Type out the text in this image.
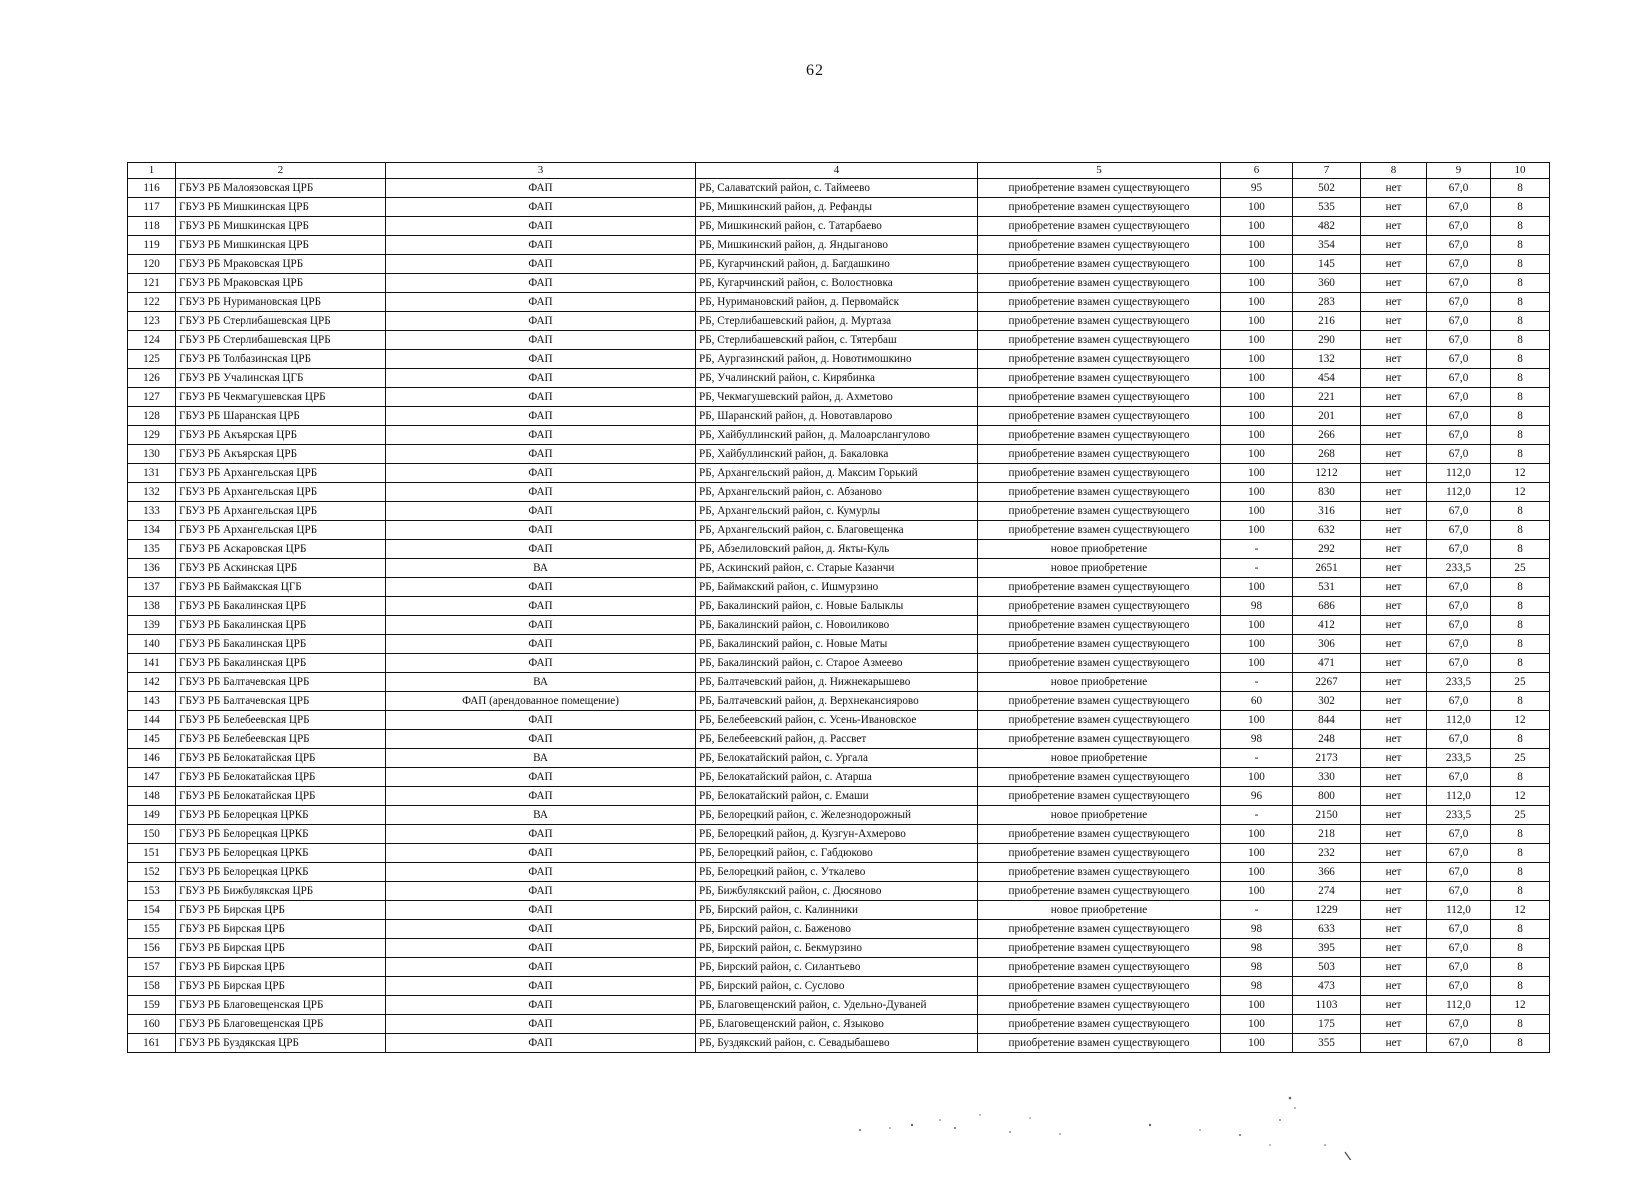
62
1	2	3	4	5	6	7	8	9	10
116	ГБУЗ РБ Малоязовская ЦРБ	ФАП	РБ, Салаватский район, с. Таймеево	приобретение взамен существующего	95	502	нет	67,0	8
117	ГБУЗ РБ Мишкинская ЦРБ	ФАП	РБ, Мишкинский район, д. Рефанды	приобретение взамен существующего	100	535	нет	67,0	8
118	ГБУЗ РБ Мишкинская ЦРБ	ФАП	РБ, Мишкинский район, с. Татарбаево	приобретение взамен существующего	100	482	нет	67,0	8
119	ГБУЗ РБ Мишкинская ЦРБ	ФАП	РБ, Мишкинский район, д. Яндыганово	приобретение взамен существующего	100	354	нет	67,0	8
120	ГБУЗ РБ Мраковская ЦРБ	ФАП	РБ, Кугарчинский район, д. Багдашкино	приобретение взамен существующего	100	145	нет	67,0	8
121	ГБУЗ РБ Мраковская ЦРБ	ФАП	РБ, Кугарчинский район, с. Волостновка	приобретение взамен существующего	100	360	нет	67,0	8
122	ГБУЗ РБ Нуримановская ЦРБ	ФАП	РБ, Нуримановский район, д. Первомайск	приобретение взамен существующего	100	283	нет	67,0	8
123	ГБУЗ РБ Стерлибашевская ЦРБ	ФАП	РБ, Стерлибашевский район, д. Муртаза	приобретение взамен существующего	100	216	нет	67,0	8
124	ГБУЗ РБ Стерлибашевская ЦРБ	ФАП	РБ, Стерлибашевский район, с. Тятербаш	приобретение взамен существующего	100	290	нет	67,0	8
125	ГБУЗ РБ Толбазинская ЦРБ	ФАП	РБ, Аургазинский район, д. Новотимошкино	приобретение взамен существующего	100	132	нет	67,0	8
126	ГБУЗ РБ Учалинская ЦГБ	ФАП	РБ, Учалинский район, с. Кирябинка	приобретение взамен существующего	100	454	нет	67,0	8
127	ГБУЗ РБ Чекмагушевская ЦРБ	ФАП	РБ, Чекмагушевский район, д. Ахметово	приобретение взамен существующего	100	221	нет	67,0	8
128	ГБУЗ РБ Шаранская ЦРБ	ФАП	РБ, Шаранский район, д. Новотавларово	приобретение взамен существующего	100	201	нет	67,0	8
129	ГБУЗ РБ Акъярская ЦРБ	ФАП	РБ, Хайбуллинский район, д. Малоарслангулово	приобретение взамен существующего	100	266	нет	67,0	8
130	ГБУЗ РБ Акъярская ЦРБ	ФАП	РБ, Хайбуллинский район, д. Бакаловка	приобретение взамен существующего	100	268	нет	67,0	8
131	ГБУЗ РБ Архангельская ЦРБ	ФАП	РБ, Архангельский район, д. Максим Горький	приобретение взамен существующего	100	1212	нет	112,0	12
132	ГБУЗ РБ Архангельская ЦРБ	ФАП	РБ, Архангельский район, с. Абзаново	приобретение взамен существующего	100	830	нет	112,0	12
133	ГБУЗ РБ Архангельская ЦРБ	ФАП	РБ, Архангельский район, с. Кумурлы	приобретение взамен существующего	100	316	нет	67,0	8
134	ГБУЗ РБ Архангельская ЦРБ	ФАП	РБ, Архангельский район, с. Благовещенка	приобретение взамен существующего	100	632	нет	67,0	8
135	ГБУЗ РБ Аскаровская ЦРБ	ФАП	РБ, Абзелиловский район, д. Якты-Куль	новое приобретение	-	292	нет	67,0	8
136	ГБУЗ РБ Аскинская ЦРБ	ВА	РБ, Аскинский район, с. Старые Казанчи	новое приобретение	-	2651	нет	233,5	25
137	ГБУЗ РБ Баймакская ЦГБ	ФАП	РБ, Баймакский район, с. Ишмурзино	приобретение взамен существующего	100	531	нет	67,0	8
138	ГБУЗ РБ Бакалинская ЦРБ	ФАП	РБ, Бакалинский район, с. Новые Балыклы	приобретение взамен существующего	98	686	нет	67,0	8
139	ГБУЗ РБ Бакалинская ЦРБ	ФАП	РБ, Бакалинский район, с. Новоиликово	приобретение взамен существующего	100	412	нет	67,0	8
140	ГБУЗ РБ Бакалинская ЦРБ	ФАП	РБ, Бакалинский район, с. Новые Маты	приобретение взамен существующего	100	306	нет	67,0	8
141	ГБУЗ РБ Бакалинская ЦРБ	ФАП	РБ, Бакалинский район, с. Старое Азмеево	приобретение взамен существующего	100	471	нет	67,0	8
142	ГБУЗ РБ Балтачевская ЦРБ	ВА	РБ, Балтачевский район, д. Нижнекарышево	новое приобретение	-	2267	нет	233,5	25
143	ГБУЗ РБ Балтачевская ЦРБ	ФАП (арендованное помещение)	РБ, Балтачевский район, д. Верхнекансиярово	приобретение взамен существующего	60	302	нет	67,0	8
144	ГБУЗ РБ Белебеевская ЦРБ	ФАП	РБ, Белебеевский район, с. Усень-Ивановское	приобретение взамен существующего	100	844	нет	112,0	12
145	ГБУЗ РБ Белебеевская ЦРБ	ФАП	РБ, Белебеевский район, д. Рассвет	приобретение взамен существующего	98	248	нет	67,0	8
146	ГБУЗ РБ Белокатайская ЦРБ	ВА	РБ, Белокатайский район, с. Ургала	новое приобретение	-	2173	нет	233,5	25
147	ГБУЗ РБ Белокатайская ЦРБ	ФАП	РБ, Белокатайский район, с. Атарша	приобретение взамен существующего	100	330	нет	67,0	8
148	ГБУЗ РБ Белокатайская ЦРБ	ФАП	РБ, Белокатайский район, с. Емаши	приобретение взамен существующего	96	800	нет	112,0	12
149	ГБУЗ РБ Белорецкая ЦРКБ	ВА	РБ, Белорецкий район, с. Железнодорожный	новое приобретение	-	2150	нет	233,5	25
150	ГБУЗ РБ Белорецкая ЦРКБ	ФАП	РБ, Белорецкий район, д. Кузгун-Ахмерово	приобретение взамен существующего	100	218	нет	67,0	8
151	ГБУЗ РБ Белорецкая ЦРКБ	ФАП	РБ, Белорецкий район, с. Габдюково	приобретение взамен существующего	100	232	нет	67,0	8
152	ГБУЗ РБ Белорецкая ЦРКБ	ФАП	РБ, Белорецкий район, с. Уткалево	приобретение взамен существующего	100	366	нет	67,0	8
153	ГБУЗ РБ Бижбулякская ЦРБ	ФАП	РБ, Бижбулякский район, с. Дюсяново	приобретение взамен существующего	100	274	нет	67,0	8
154	ГБУЗ РБ Бирская ЦРБ	ФАП	РБ, Бирский район, с. Калинники	новое приобретение	-	1229	нет	112,0	12
155	ГБУЗ РБ Бирская ЦРБ	ФАП	РБ, Бирский район, с. Баженово	приобретение взамен существующего	98	633	нет	67,0	8
156	ГБУЗ РБ Бирская ЦРБ	ФАП	РБ, Бирский район, с. Бекмурзино	приобретение взамен существующего	98	395	нет	67,0	8
157	ГБУЗ РБ Бирская ЦРБ	ФАП	РБ, Бирский район, с. Силантьево	приобретение взамен существующего	98	503	нет	67,0	8
158	ГБУЗ РБ Бирская ЦРБ	ФАП	РБ, Бирский район, с. Суслово	приобретение взамен существующего	98	473	нет	67,0	8
159	ГБУЗ РБ Благовещенская ЦРБ	ФАП	РБ, Благовещенский район, с. Удельно-Дуваней	приобретение взамен существующего	100	1103	нет	112,0	12
160	ГБУЗ РБ Благовещенская ЦРБ	ФАП	РБ, Благовещенский район, с. Языково	приобретение взамен существующего	100	175	нет	67,0	8
161	ГБУЗ РБ Буздякская ЦРБ	ФАП	РБ, Буздякский район, с. Севадыбашево	приобретение взамен существующего	100	355	нет	67,0	8
